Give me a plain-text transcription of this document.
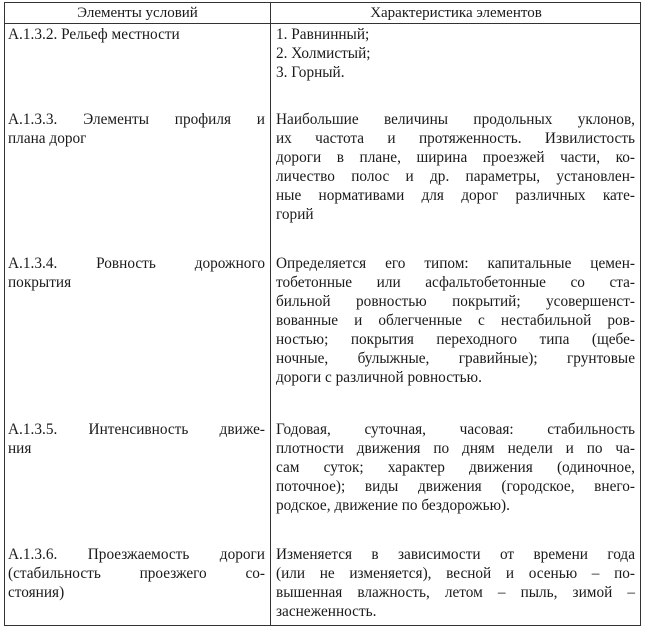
Элементы условий	Характеристика элементов
А.1.3.2. Рельеф местности	1. Равнинный;
2. Холмистый;
3. Горный.
А.1.3.3. Элементы профиля и
плана дорог
Наибольшие величины продольных уклонов,
их частота и протяженность. Извилистость
дороги в плане, ширина проезжей части, ко-
личество полос и др. параметры, установлен-
ные нормативами для дорог различных кате-
горий
А.1.3.4. Ровность дорожного
покрытия
Определяется его типом: капитальные цемен-
тобетонные или асфальтобетонные со ста-
бильной ровностью покрытий; усовершенст-
вованные и облегченные с нестабильной ров-
ностью; покрытия переходного типа (щебе-
ночные, булыжные, гравийные); грунтовые
дороги с различной ровностью.
А.1.3.5. Интенсивность движе-
ния
Годовая, суточная, часовая: стабильность
плотности движения по дням недели и по ча-
сам суток; характер движения (одиночное,
поточное); виды движения (городское, внего-
родское, движение по бездорожью).
А.1.3.6. Проезжаемость дороги
(стабильность проезжего со-
стояния)
Изменяется в зависимости от времени года
(или не изменяется), весной и осенью – по-
вышенная влажность, летом – пыль, зимой –
заснеженность.
